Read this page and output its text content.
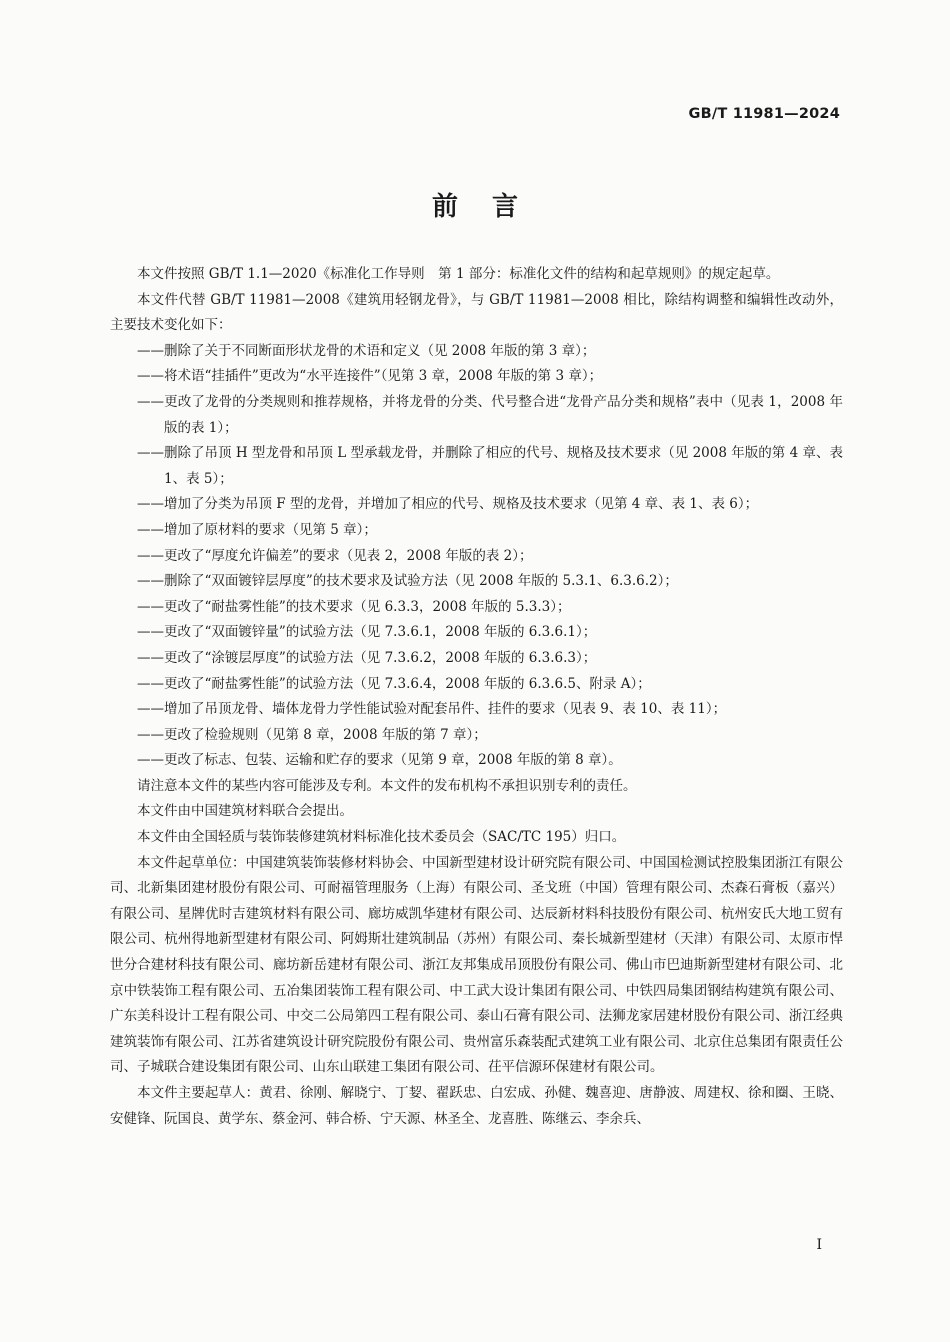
GB/T 11981—2024
前言

本文件按照 GB/T 1.1—2020《标准化工作导则　第 1 部分：标准化文件的结构和起草规则》的规定起草。

本文件代替 GB/T 11981—2008《建筑用轻钢龙骨》，与 GB/T 11981—2008 相比，除结构调整和编辑性改动外，主要技术变化如下：

——删除了关于不同断面形状龙骨的术语和定义（见 2008 年版的第 3 章）；

——将术语“挂插件”更改为“水平连接件”（见第 3 章，2008 年版的第 3 章）；

——更改了龙骨的分类规则和推荐规格，并将龙骨的分类、代号整合进“龙骨产品分类和规格”表中（见表 1，2008 年版的表 1）；

——删除了吊顶 H 型龙骨和吊顶 L 型承载龙骨，并删除了相应的代号、规格及技术要求（见 2008 年版的第 4 章、表 1、表 5）；

——增加了分类为吊顶 F 型的龙骨，并增加了相应的代号、规格及技术要求（见第 4 章、表 1、表 6）；

——增加了原材料的要求（见第 5 章）；

——更改了“厚度允许偏差”的要求（见表 2，2008 年版的表 2）；

——删除了“双面镀锌层厚度”的技术要求及试验方法（见 2008 年版的 5.3.1、6.3.6.2）；

——更改了“耐盐雾性能”的技术要求（见 6.3.3，2008 年版的 5.3.3）；

——更改了“双面镀锌量”的试验方法（见 7.3.6.1，2008 年版的 6.3.6.1）；

——更改了“涂镀层厚度”的试验方法（见 7.3.6.2，2008 年版的 6.3.6.3）；

——更改了“耐盐雾性能”的试验方法（见 7.3.6.4，2008 年版的 6.3.6.5、附录 A）；

——增加了吊顶龙骨、墙体龙骨力学性能试验对配套吊件、挂件的要求（见表 9、表 10、表 11）；

——更改了检验规则（见第 8 章，2008 年版的第 7 章）；

——更改了标志、包装、运输和贮存的要求（见第 9 章，2008 年版的第 8 章）。

请注意本文件的某些内容可能涉及专利。本文件的发布机构不承担识别专利的责任。

本文件由中国建筑材料联合会提出。

本文件由全国轻质与装饰装修建筑材料标准化技术委员会（SAC/TC 195）归口。

本文件起草单位：中国建筑装饰装修材料协会、中国新型建材设计研究院有限公司、中国国检测试控股集团浙江有限公司、北新集团建材股份有限公司、可耐福管理服务（上海）有限公司、圣戈班（中国）管理有限公司、杰森石膏板（嘉兴）有限公司、星牌优时吉建筑材料有限公司、廊坊威凯华建材有限公司、达辰新材料科技股份有限公司、杭州安氏大地工贸有限公司、杭州得地新型建材有限公司、阿姆斯壮建筑制品（苏州）有限公司、秦长城新型建材（天津）有限公司、太原市悍世分合建材科技有限公司、廊坊新岳建材有限公司、浙江友邦集成吊顶股份有限公司、佛山市巴迪斯新型建材有限公司、北京中铁装饰工程有限公司、五冶集团装饰工程有限公司、中工武大设计集团有限公司、中铁四局集团钢结构建筑有限公司、广东美科设计工程有限公司、中交二公局第四工程有限公司、泰山石膏有限公司、法狮龙家居建材股份有限公司、浙江经典建筑装饰有限公司、江苏省建筑设计研究院股份有限公司、贵州富乐森装配式建筑工业有限公司、北京住总集团有限责任公司、子城联合建设集团有限公司、山东山联建工集团有限公司、茌平信源环保建材有限公司。

本文件主要起草人：黄君、徐刚、解晓宁、丁㛃、翟跃忠、白宏成、孙健、魏喜迎、唐静波、周建权、徐和圈、王晓、安健锋、阮国良、黄学东、蔡金河、韩合桥、宁天源、林圣全、龙喜胜、陈继云、李余兵、

I
